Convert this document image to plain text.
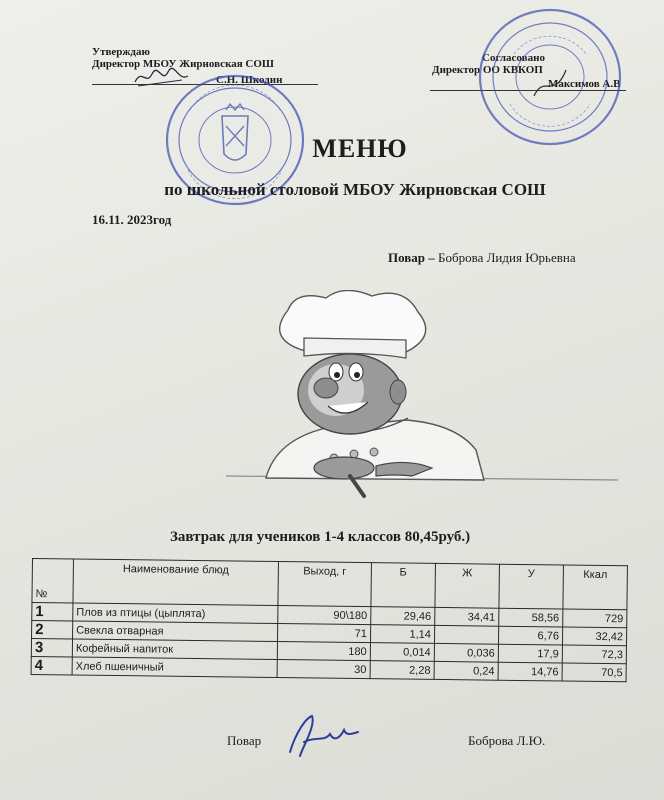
Утверждаю
Директор МБОУ Жирновская СОШ
С.Н. Шкодин
Согласовано
Директор ОО КВКОП
Максимов А.В
МЕНЮ
по школьной столовой МБОУ Жирновская СОШ
16.11. 2023год
Повар – Боброва Лидия Юрьевна
Завтрак для учеников 1-4 классов 80,45руб.)
№	Наименование блюд	Выход, г	Б	Ж	У	Ккал
1	Плов из птицы (цыплята)	90\180	29,46	34,41	58,56	729
2	Свекла отварная	71	1,14		6,76	32,42
3	Кофейный напиток	180	0,014	0,036	17,9	72,3
4	Хлеб пшеничный	30	2,28	0,24	14,76	70,5
Повар	Боброва Л.Ю.
